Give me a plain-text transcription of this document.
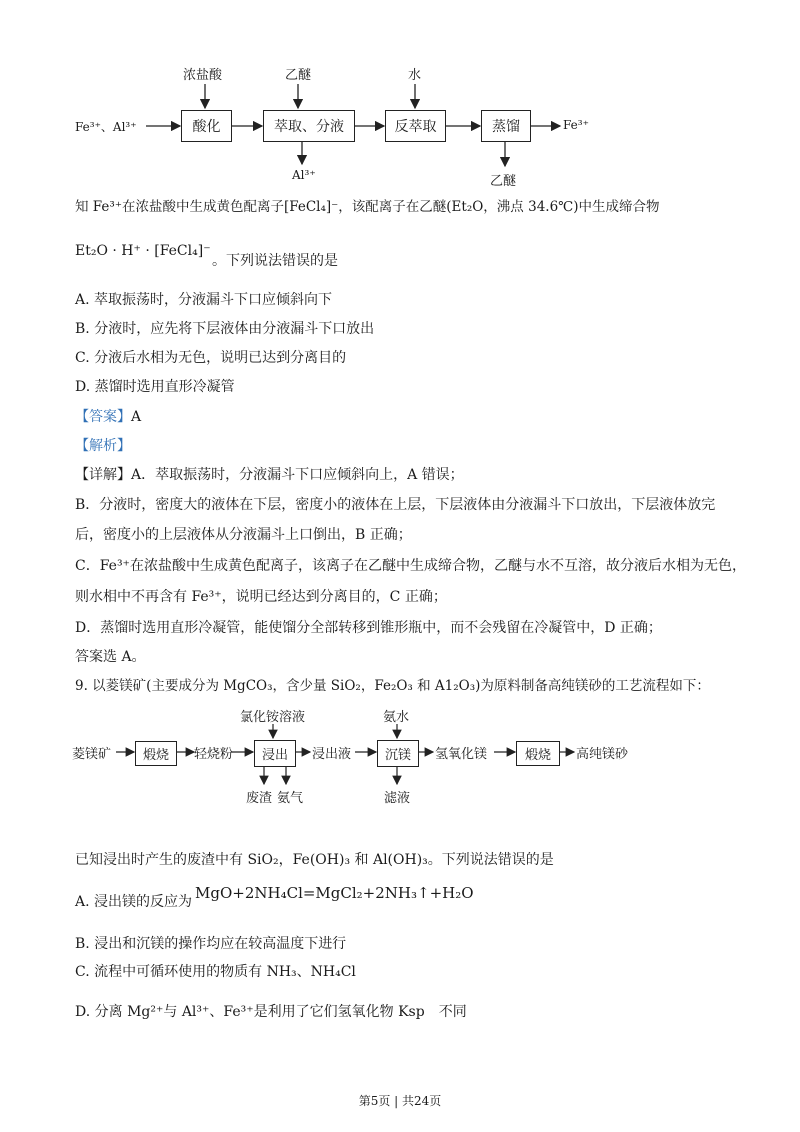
Fe³⁺、Al³⁺	酸化	萃取、分液	反萃取	蒸馏	Fe³⁺
浓盐酸	乙醚	水
Al³⁺	乙醚
知 Fe³⁺在浓盐酸中生成黄色配离子[FeCl₄]⁻，该配离子在乙醚(Et₂O，沸点 34.6℃)中生成缔合物
Et₂O · H⁺ · [FeCl₄]⁻
。下列说法错误的是
A. 萃取振荡时，分液漏斗下口应倾斜向下
B. 分液时，应先将下层液体由分液漏斗下口放出
C. 分液后水相为无色，说明已达到分离目的
D. 蒸馏时选用直形冷凝管
【答案】A
【解析】
【详解】A．萃取振荡时，分液漏斗下口应倾斜向上，A 错误；
B．分液时，密度大的液体在下层，密度小的液体在上层，下层液体由分液漏斗下口放出，下层液体放完
后，密度小的上层液体从分液漏斗上口倒出，B 正确；
C．Fe³⁺在浓盐酸中生成黄色配离子，该离子在乙醚中生成缔合物，乙醚与水不互溶，故分液后水相为无色，
则水相中不再含有 Fe³⁺，说明已经达到分离目的，C 正确；
D．蒸馏时选用直形冷凝管，能使馏分全部转移到锥形瓶中，而不会残留在冷凝管中，D 正确；
答案选 A。
9. 以菱镁矿(主要成分为 MgCO₃，含少量 SiO₂，Fe₂O₃ 和 A1₂O₃)为原料制备高纯镁砂的工艺流程如下：
菱镁矿	煅烧	轻烧粉	浸出	浸出液	沉镁	氢氧化镁	煅烧	高纯镁砂
氯化铵溶液	氨水
废渣 氨气	滤液
已知浸出时产生的废渣中有 SiO₂，Fe(OH)₃ 和 Al(OH)₃。下列说法错误的是
A. 浸出镁的反应为 MgO+2NH₄Cl=MgCl₂+2NH₃↑+H₂O
B. 浸出和沉镁的操作均应在较高温度下进行
C. 流程中可循环使用的物质有 NH₃、NH₄Cl
D. 分离 Mg²⁺与 Al³⁺、Fe³⁺是利用了它们氢氧化物 Ksp　不同
第5页 | 共24页
